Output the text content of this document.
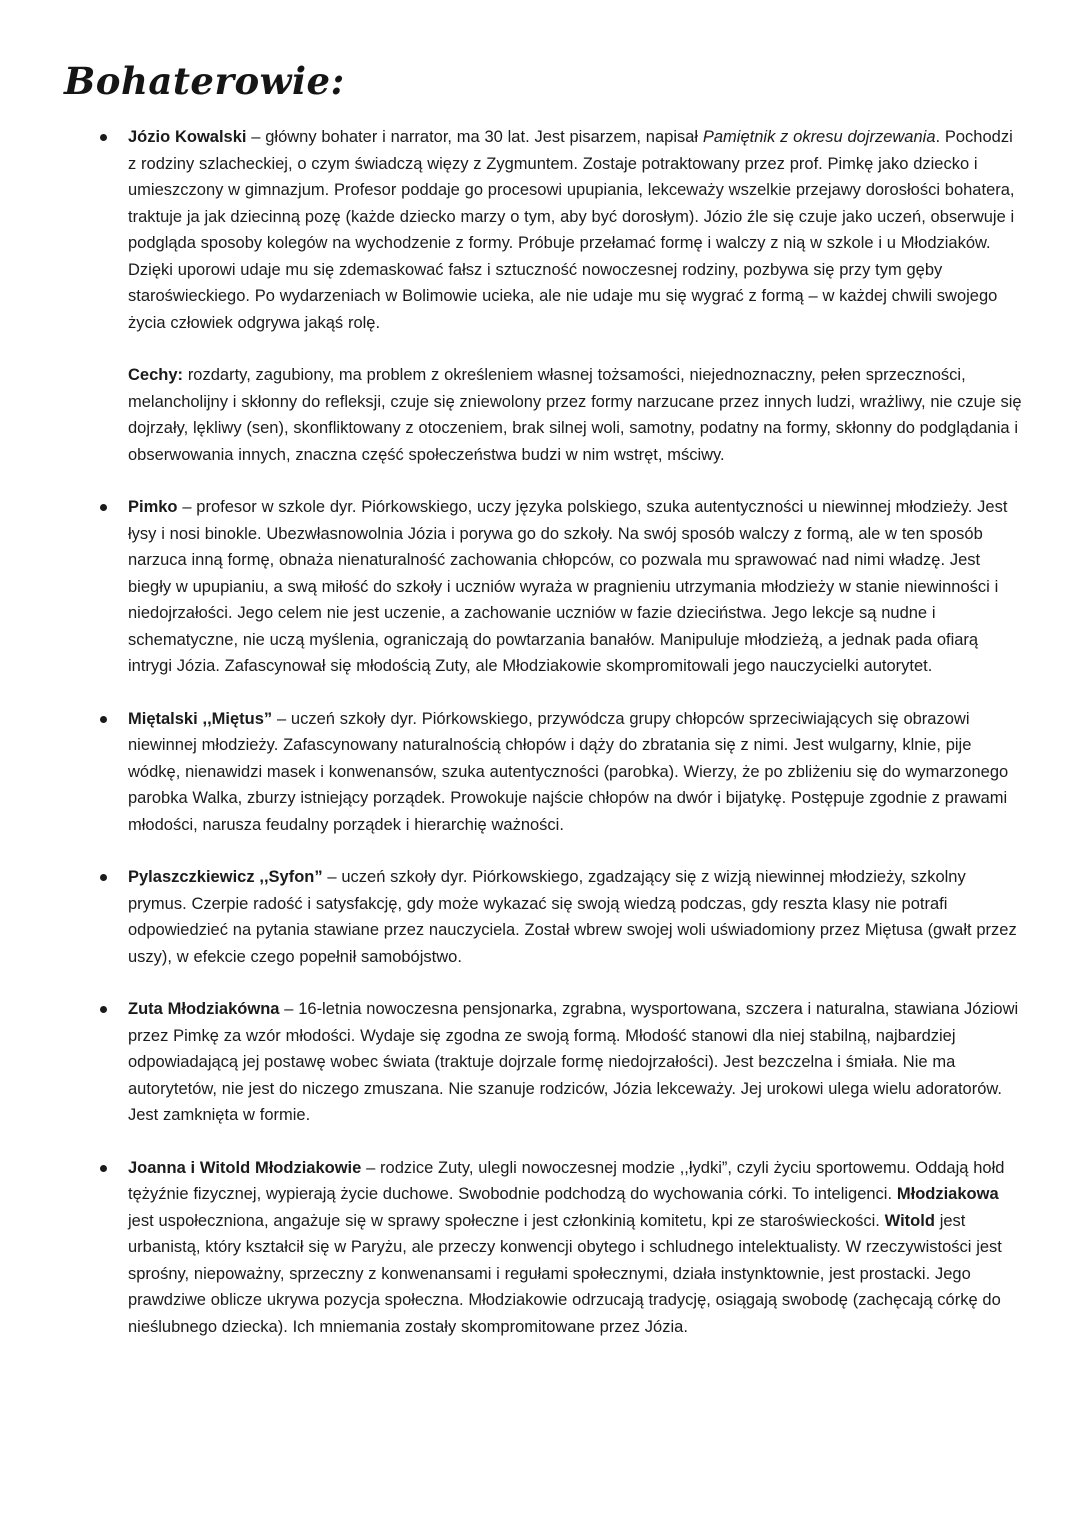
Bohaterowie:

Józio Kowalski – główny bohater i narrator, ma 30 lat. Jest pisarzem, napisał Pamiętnik z okresu dojrzewania. Pochodzi z rodziny szlacheckiej, o czym świadczą więzy z Zygmuntem. Zostaje potraktowany przez prof. Pimkę jako dziecko i umieszczony w gimnazjum. Profesor poddaje go procesowi upupiania, lekceważy wszelkie przejawy dorosłości bohatera, traktuje ja jak dziecinną pozę (każde dziecko marzy o tym, aby być dorosłym). Józio źle się czuje jako uczeń, obserwuje i podgląda sposoby kolegów na wychodzenie z formy. Próbuje przełamać formę i walczy z nią w szkole i u Młodziaków. Dzięki uporowi udaje mu się zdemaskować fałsz i sztuczność nowoczesnej rodziny, pozbywa się przy tym gęby staroświeckiego. Po wydarzeniach w Bolimowie ucieka, ale nie udaje mu się wygrać z formą – w każdej chwili swojego życia człowiek odgrywa jakąś rolę.

Cechy: rozdarty, zagubiony, ma problem z określeniem własnej tożsamości, niejednoznaczny, pełen sprzeczności, melancholijny i skłonny do refleksji, czuje się zniewolony przez formy narzucane przez innych ludzi, wrażliwy, nie czuje się dojrzały, lękliwy (sen), skonfliktowany z otoczeniem, brak silnej woli, samotny, podatny na formy, skłonny do podglądania i obserwowania innych, znaczna część społeczeństwa budzi w nim wstręt, mściwy.

Pimko – profesor w szkole dyr. Piórkowskiego, uczy języka polskiego, szuka autentyczności u niewinnej młodzieży. Jest łysy i nosi binokle. Ubezwłasnowolnia Józia i porywa go do szkoły. Na swój sposób walczy z formą, ale w ten sposób narzuca inną formę, obnaża nienaturalność zachowania chłopców, co pozwala mu sprawować nad nimi władzę. Jest biegły w upupianiu, a swą miłość do szkoły i uczniów wyraża w pragnieniu utrzymania młodzieży w stanie niewinności i niedojrzałości. Jego celem nie jest uczenie, a zachowanie uczniów w fazie dzieciństwa. Jego lekcje są nudne i schematyczne, nie uczą myślenia, ograniczają do powtarzania banałów. Manipuluje młodzieżą, a jednak pada ofiarą intrygi Józia. Zafascynował się młodością Zuty, ale Młodziakowie skompromitowali jego nauczycielki autorytet.

Miętalski ,,Miętus” – uczeń szkoły dyr. Piórkowskiego, przywódcza grupy chłopców sprzeciwiających się obrazowi niewinnej młodzieży. Zafascynowany naturalnością chłopów i dąży do zbratania się z nimi. Jest wulgarny, klnie, pije wódkę, nienawidzi masek i konwenansów, szuka autentyczności (parobka). Wierzy, że po zbliżeniu się do wymarzonego parobka Walka, zburzy istniejący porządek. Prowokuje najście chłopów na dwór i bijatykę. Postępuje zgodnie z prawami młodości, narusza feudalny porządek i hierarchię ważności.

Pylaszczkiewicz ,,Syfon” – uczeń szkoły dyr. Piórkowskiego, zgadzający się z wizją niewinnej młodzieży, szkolny prymus. Czerpie radość i satysfakcję, gdy może wykazać się swoją wiedzą podczas, gdy reszta klasy nie potrafi odpowiedzieć na pytania stawiane przez nauczyciela. Został wbrew swojej woli uświadomiony przez Miętusa (gwałt przez uszy), w efekcie czego popełnił samobójstwo.

Zuta Młodziakówna – 16-letnia nowoczesna pensjonarka, zgrabna, wysportowana, szczera i naturalna, stawiana Józiowi przez Pimkę za wzór młodości. Wydaje się zgodna ze swoją formą. Młodość stanowi dla niej stabilną, najbardziej odpowiadającą jej postawę wobec świata (traktuje dojrzale formę niedojrzałości). Jest bezczelna i śmiała. Nie ma autorytetów, nie jest do niczego zmuszana. Nie szanuje rodziców, Józia lekceważy. Jej urokowi ulega wielu adoratorów. Jest zamknięta w formie.

Joanna i Witold Młodziakowie – rodzice Zuty, ulegli nowoczesnej modzie ,,łydki”, czyli życiu sportowemu. Oddają hołd tężyźnie fizycznej, wypierają życie duchowe. Swobodnie podchodzą do wychowania córki. To inteligenci. Młodziakowa jest uspołeczniona, angażuje się w sprawy społeczne i jest członkinią komitetu, kpi ze staroświeckości. Witold jest urbanistą, który kształcił się w Paryżu, ale przeczy konwencji obytego i schludnego intelektualisty. W rzeczywistości jest sprośny, niepoważny, sprzeczny z konwenansami i regułami społecznymi, działa instynktownie, jest prostacki. Jego prawdziwe oblicze ukrywa pozycja społeczna. Młodziakowie odrzucają tradycję, osiągają swobodę (zachęcają córkę do nieślubnego dziecka). Ich mniemania zostały skompromitowane przez Józia.
